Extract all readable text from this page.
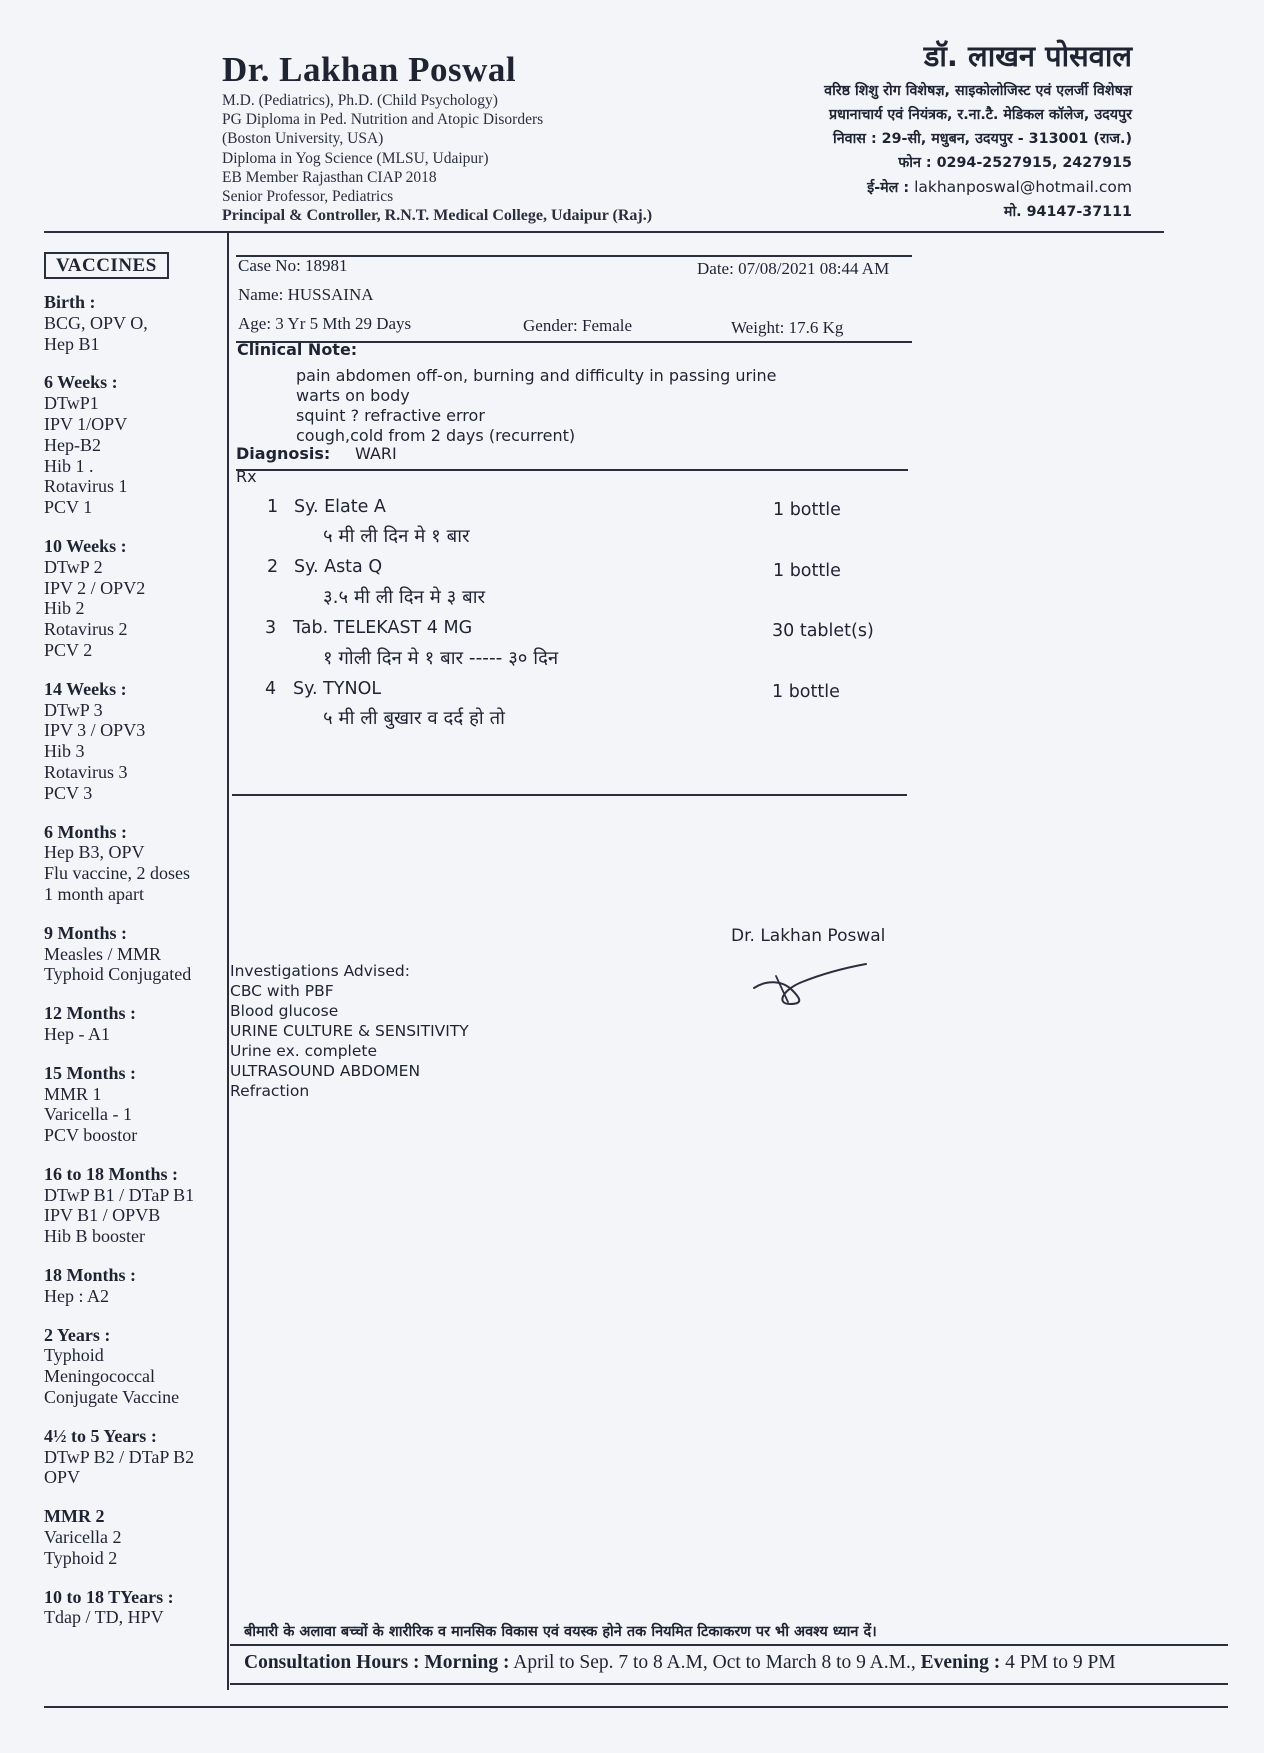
Dr. Lakhan Poswal
M.D. (Pediatrics), Ph.D. (Child Psychology)
PG Diploma in Ped. Nutrition and Atopic Disorders
(Boston University, USA)
Diploma in Yog Science (MLSU, Udaipur)
EB Member Rajasthan CIAP 2018
Senior Professor, Pediatrics
Principal & Controller, R.N.T. Medical College, Udaipur (Raj.)
डॉ. लाखन पोसवाल
वरिष्ठ शिशु रोग विशेषज्ञ, साइकोलोजिस्ट एवं एलर्जी विशेषज्ञ
प्रधानाचार्य एवं नियंत्रक, र.ना.टै. मेडिकल कॉलेज, उदयपुर
निवास : 29-सी, मधुबन, उदयपुर - 313001 (राज.)
फोन : 0294-2527915, 2427915
ई-मेल : lakhanposwal@hotmail.com
मो. 94147-37111
VACCINES
Birth :
BCG, OPV O,
Hep B1
6 Weeks :
DTwP1
IPV 1/OPV
Hep-B2
Hib 1 .
Rotavirus 1
PCV 1
10 Weeks :
DTwP 2
IPV 2 / OPV2
Hib 2
Rotavirus 2
PCV 2
14 Weeks :
DTwP 3
IPV 3 / OPV3
Hib 3
Rotavirus 3
PCV 3
6 Months :
Hep B3, OPV
Flu vaccine, 2 doses
1 month apart
9 Months :
Measles / MMR
Typhoid Conjugated
12 Months :
Hep - A1
15 Months :
MMR 1
Varicella - 1
PCV boostor
16 to 18 Months :
DTwP B1 / DTaP B1
IPV B1 / OPVB
Hib B booster
18 Months :
Hep : A2
2 Years :
Typhoid
Meningococcal
Conjugate Vaccine
4½ to 5 Years :
DTwP B2 / DTaP B2
OPV
MMR 2
Varicella 2
Typhoid 2
10 to 18 TYears :
Tdap / TD, HPV
Case No: 18981	Date: 07/08/2021 08:44 AM
Name: HUSSAINA
Age: 3 Yr 5 Mth 29 Days	Gender: Female	Weight: 17.6 Kg
Clinical Note:
pain abdomen off-on, burning and difficulty in passing urine
warts on body
squint ? refractive error
cough,cold from 2 days (recurrent)
Diagnosis: WARI
Rx
1 Sy. Elate A	1 bottle
५ मी ली दिन मे १ बार
2 Sy. Asta Q	1 bottle
३.५ मी ली दिन मे ३ बार
3 Tab. TELEKAST 4 MG	30 tablet(s)
१ गोली दिन मे १ बार ----- ३० दिन
4 Sy. TYNOL	1 bottle
५ मी ली बुखार व दर्द हो तो
Dr. Lakhan Poswal
Investigations Advised:
CBC with PBF
Blood glucose
URINE CULTURE & SENSITIVITY
Urine ex. complete
ULTRASOUND ABDOMEN
Refraction
बीमारी के अलावा बच्चों के शारीरिक व मानसिक विकास एवं वयस्क होने तक नियमित टिकाकरण पर भी अवश्य ध्यान दें।
Consultation Hours : Morning : April to Sep. 7 to 8 A.M, Oct to March 8 to 9 A.M., Evening : 4 PM to 9 PM
